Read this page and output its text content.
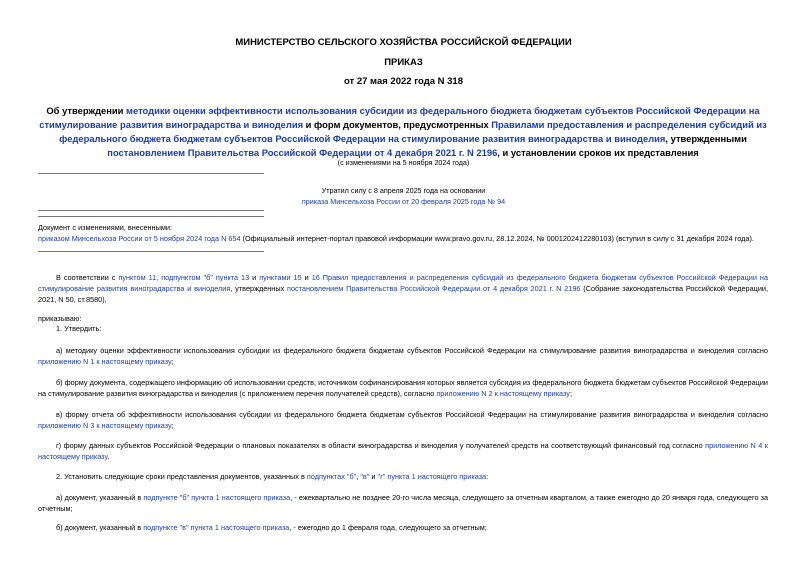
МИНИСТЕРСТВО СЕЛЬСКОГО ХОЗЯЙСТВА РОССИЙСКОЙ ФЕДЕРАЦИИ
ПРИКАЗ
от 27 мая 2022 года N 318
Об утверждении методики оценки эффективности использования субсидии из федерального бюджета бюджетам субъектов Российской Федерации на стимулирование развития виноградарства и виноделия и форм документов, предусмотренных Правилами предоставления и распределения субсидий из федерального бюджета бюджетам субъектов Российской Федерации на стимулирование развития виноградарства и виноделия, утвержденными постановлением Правительства Российской Федерации от 4 декабря 2021 г. N 2196, и установлении сроков их представления
(с изменениями на 5 ноября 2024 года)
Утратил силу с 8 апреля 2025 года на основании
приказа Минсельхоза России от 20 февраля 2025 года № 94
Документ с изменениями, внесенными:
приказом Минсельхоза России от 5 ноября 2024 года N 654 (Официальный интернет-портал правовой информации www.pravo.gov.ru, 28.12.2024, № 0001202412280103) (вступил в силу с 31 декабря 2024 года).
В соответствии с пунктом 11, подпунктом "б" пункта 13 и пунктами 15 и 16 Правил предоставления и распределения субсидий из федерального бюджета бюджетам субъектов Российской Федерации на стимулирование развития виноградарства и виноделия, утвержденных постановлением Правительства Российской Федерации от 4 декабря 2021 г. N 2196 (Собрание законодательства Российской Федерации, 2021, N 50, ст.8580),
приказываю:
1. Утвердить:
а) методику оценки эффективности использования субсидии из федерального бюджета бюджетам субъектов Российской Федерации на стимулирование развития виноградарства и виноделия согласно приложению N 1 к настоящему приказу;
б) форму документа, содержащего информацию об использовании средств, источником софинансирования которых является субсидия из федерального бюджета бюджетам субъектов Российской Федерации на стимулирование развития виноградарства и виноделия (с приложением перечня получателей средств), согласно приложению N 2 к настоящему приказу;
в) форму отчета об эффективности использования субсидии из федерального бюджета бюджетам субъектов Российской Федерации на стимулирование развития виноградарства и виноделия согласно приложению N 3 к настоящему приказу;
г) форму данных субъектов Российской Федерации о плановых показателях в области виноградарства и виноделия у получателей средств на соответствующий финансовый год согласно приложению N 4 к настоящему приказу.
2. Установить следующие сроки представления документов, указанных в подпунктах "б", "в" и "г" пункта 1 настоящего приказа:
а) документ, указанный в подпункте "б" пункта 1 настоящего приказа, - ежеквартально не позднее 20-го числа месяца, следующего за отчетным кварталом, а также ежегодно до 20 января года, следующего за отчетным;
б) документ, указанный в подпункте "в" пункта 1 настоящего приказа, - ежегодно до 1 февраля года, следующего за отчетным;
